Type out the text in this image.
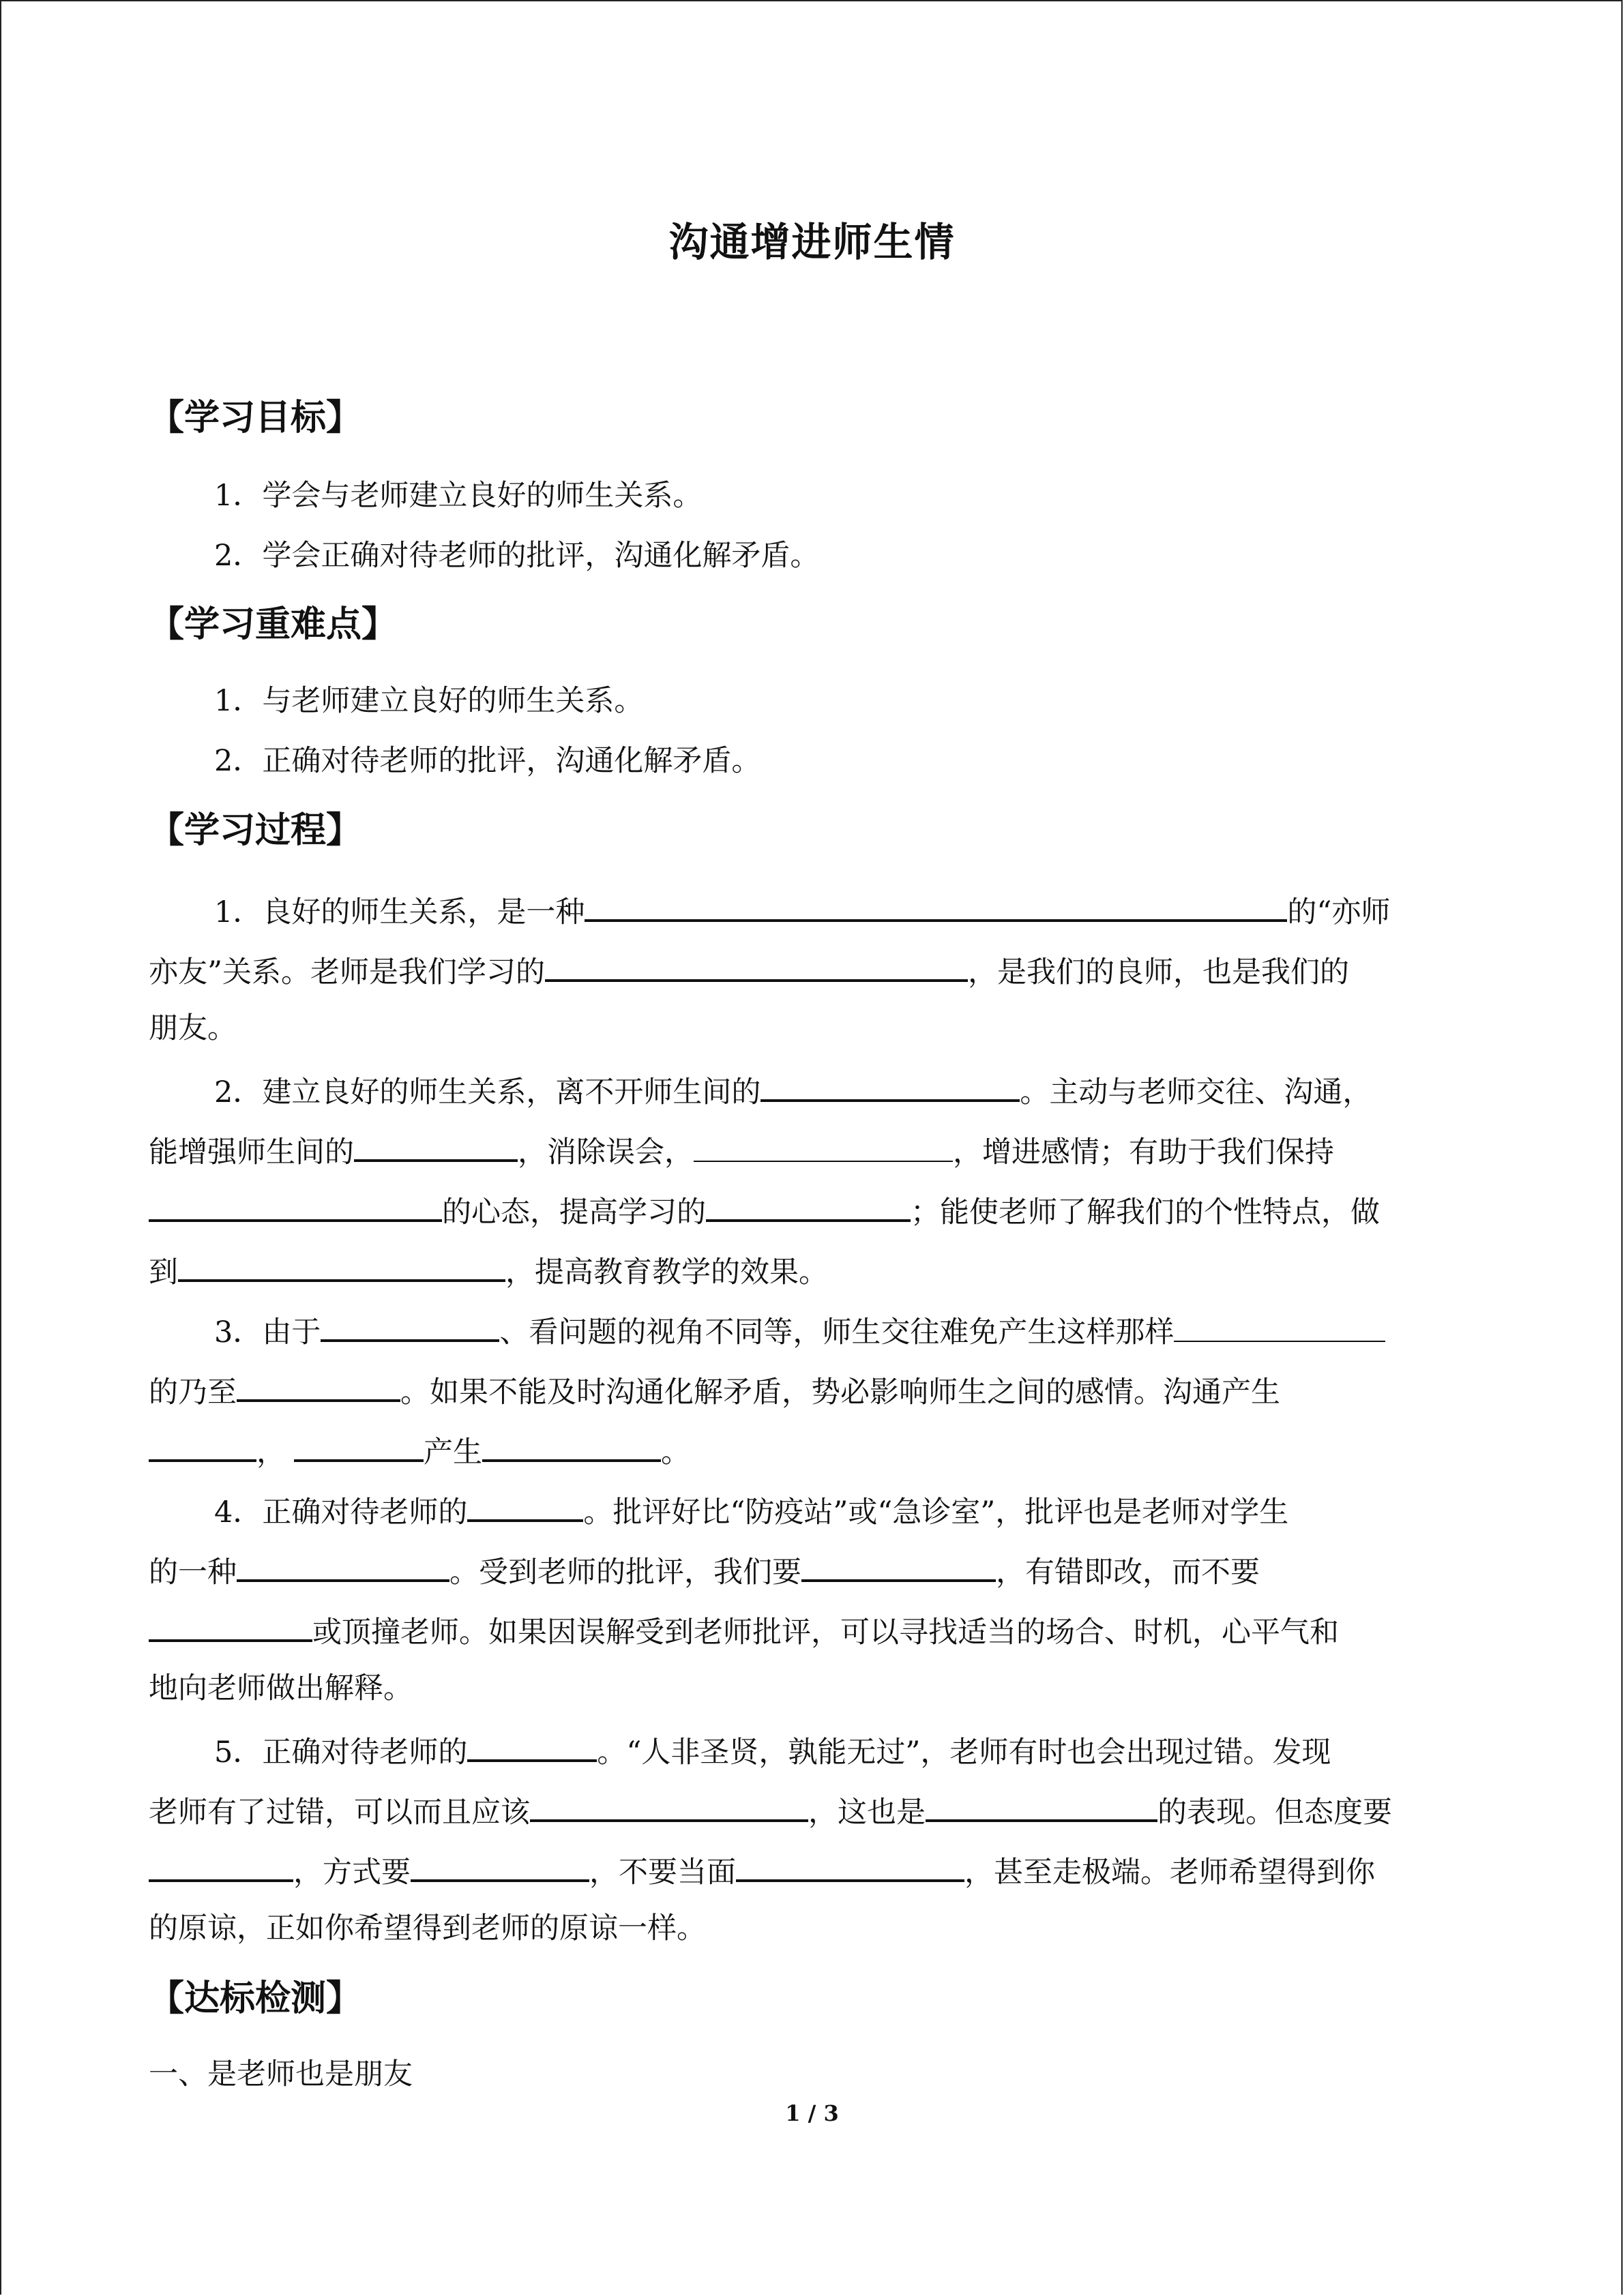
沟通增进师生情
【学习目标】
1．学会与老师建立良好的师生关系。
2．学会正确对待老师的批评，沟通化解矛盾。
【学习重难点】
1．与老师建立良好的师生关系。
2．正确对待老师的批评，沟通化解矛盾。
【学习过程】
1．良好的师生关系，是一种	的“亦师
亦友”关系。老师是我们学习的	，是我们的良师，也是我们的
朋友。
2．建立良好的师生关系，离不开师生间的	。主动与老师交往、沟通，
能增强师生间的	，消除误会，	，增进感情；有助于我们保持
的心态，提高学习的	；能使老师了解我们的个性特点，做
到	，提高教育教学的效果。
3．由于	、看问题的视角不同等，师生交往难免产生这样那样
的乃至	。如果不能及时沟通化解矛盾，势必影响师生之间的感情。沟通产生
，	产生	。
4．正确对待老师的	。批评好比“防疫站”或“急诊室”，批评也是老师对学生
的一种	。受到老师的批评，我们要	，有错即改，而不要
或顶撞老师。如果因误解受到老师批评，可以寻找适当的场合、时机，心平气和
地向老师做出解释。
5．正确对待老师的	。“人非圣贤，孰能无过”，老师有时也会出现过错。发现
老师有了过错，可以而且应该	，这也是	的表现。但态度要
，方式要	，不要当面	，甚至走极端。老师希望得到你
的原谅，正如你希望得到老师的原谅一样。
【达标检测】
一、是老师也是朋友
1 / 3
